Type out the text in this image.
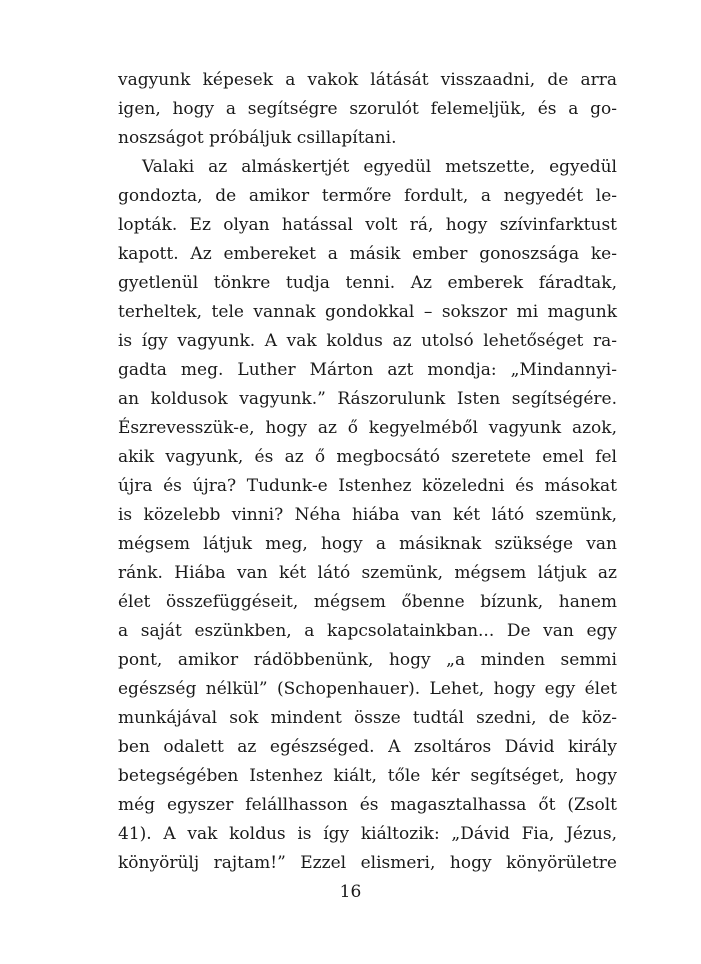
vagyunk képesek a vakok látását visszaadni, de arra
igen, hogy a segítségre szorulót felemeljük, és a go-
noszságot próbáljuk csillapítani.
Valaki az almáskertjét egyedül metszette, egyedül
gondozta, de amikor termőre fordult, a negyedét le-
lopták. Ez olyan hatással volt rá, hogy szívinfarktust
kapott. Az embereket a másik ember gonoszsága ke-
gyetlenül tönkre tudja tenni. Az emberek fáradtak,
terheltek, tele vannak gondokkal – sokszor mi magunk
is így vagyunk. A vak koldus az utolsó lehetőséget ra-
gadta meg. Luther Márton azt mondja: „Mindannyi-
an koldusok vagyunk.” Rászorulunk Isten segítségére.
Észrevesszük-e, hogy az ő kegyelméből vagyunk azok,
akik vagyunk, és az ő megbocsátó szeretete emel fel
újra és újra? Tudunk-e Istenhez közeledni és másokat
is közelebb vinni? Néha hiába van két látó szemünk,
mégsem látjuk meg, hogy a másiknak szüksége van
ránk. Hiába van két látó szemünk, mégsem látjuk az
élet összefüggéseit, mégsem őbenne bízunk, hanem
a saját eszünkben, a kapcsolatainkban... De van egy
pont, amikor rádöbbenünk, hogy „a minden semmi
egészség nélkül” (Schopenhauer). Lehet, hogy egy élet
munkájával sok mindent össze tudtál szedni, de köz-
ben odalett az egészséged. A zsoltáros Dávid király
betegségében Istenhez kiált, tőle kér segítséget, hogy
még egyszer felállhasson és magasztalhassa őt (Zsolt
41). A vak koldus is így kiáltozik: „Dávid Fia, Jézus,
könyörülj rajtam!” Ezzel elismeri, hogy könyörületre
16
